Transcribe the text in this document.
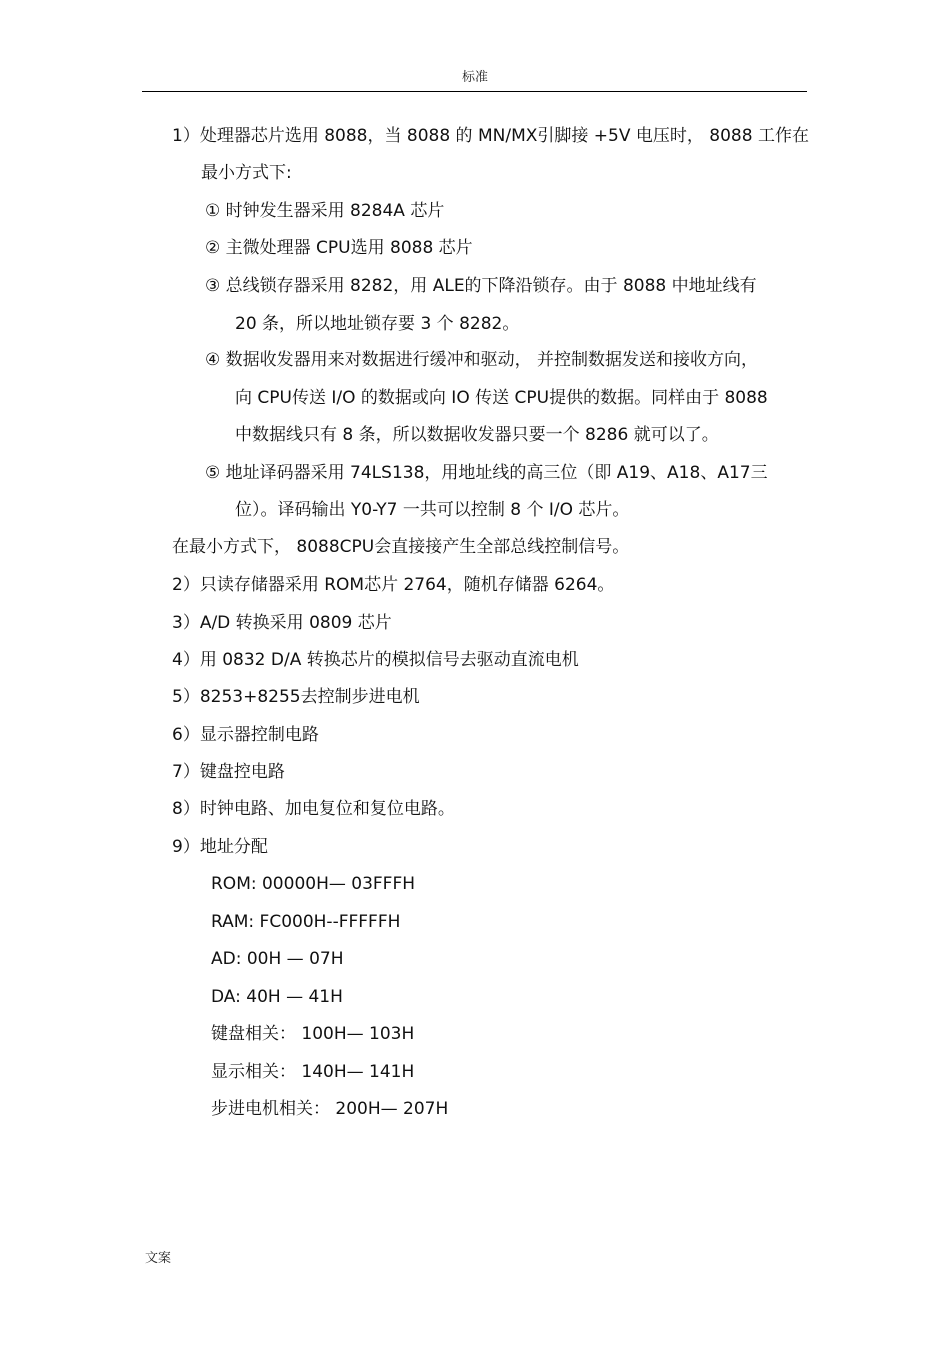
标准
1）处理器芯片选用 8088，当 8088 的 MN/MX引脚接 +5V 电压时， 8088 工作在
最小方式下:
① 时钟发生器采用 8284A 芯片
② 主微处理器 CPU选用 8088 芯片
③ 总线锁存器采用 8282，用 ALE的下降沿锁存。由于 8088 中地址线有
20 条，所以地址锁存要 3 个 8282。
④ 数据收发器用来对数据进行缓冲和驱动， 并控制数据发送和接收方向，
向 CPU传送 I/O 的数据或向 IO 传送 CPU提供的数据。同样由于 8088
中数据线只有 8 条，所以数据收发器只要一个 8286 就可以了。
⑤ 地址译码器采用 74LS138，用地址线的高三位（即 A19、A18、A17三
位）。译码输出 Y0-Y7 一共可以控制 8 个 I/O 芯片。
在最小方式下， 8088CPU会直接接产生全部总线控制信号。
2）只读存储器采用 ROM芯片 2764，随机存储器 6264。
3）A/D 转换采用 0809 芯片
4）用 0832 D/A 转换芯片的模拟信号去驱动直流电机
5）8253+8255去控制步进电机
6）显示器控制电路
7）键盘控电路
8）时钟电路、加电复位和复位电路。
9）地址分配
ROM: 00000H— 03FFFH
RAM: FC000H--FFFFFH
AD: 00H — 07H
DA: 40H — 41H
键盘相关： 100H— 103H
显示相关： 140H— 141H
步进电机相关： 200H— 207H
文案
